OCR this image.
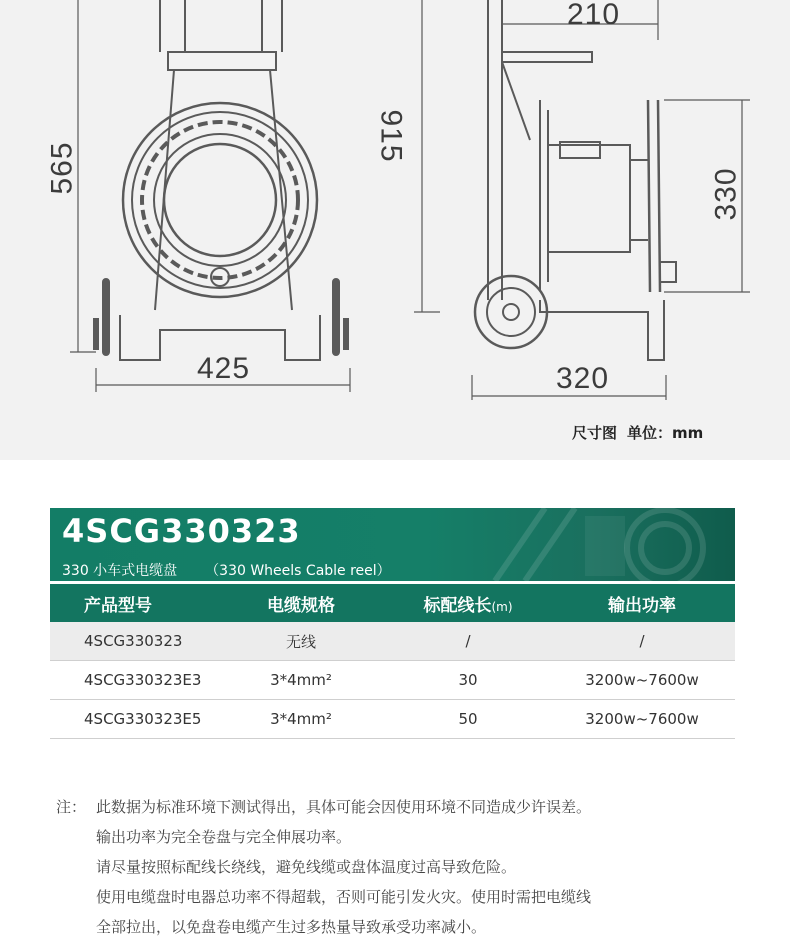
565
425
915
210
330
320
尺寸图 单位：mm
4SCG330323
330 小车式电缆盘 （330 Wheels Cable reel）
产品型号	电缆规格	标配线长(m)	输出功率
4SCG330323	无线	/	/
4SCG330323E3	3*4mm²	30	3200w~7600w
4SCG330323E5	3*4mm²	50	3200w~7600w
注： 此数据为标准环境下测试得出，具体可能会因使用环境不同造成少许误差。
输出功率为完全卷盘与完全伸展功率。
请尽量按照标配线长绕线，避免线缆或盘体温度过高导致危险。
使用电缆盘时电器总功率不得超载，否则可能引发火灾。使用时需把电缆线
全部拉出，以免盘卷电缆产生过多热量导致承受功率减小。
